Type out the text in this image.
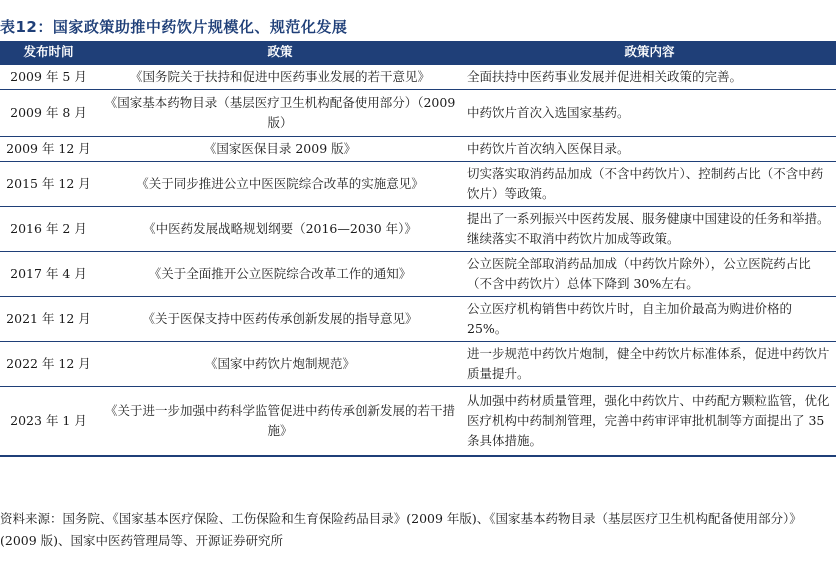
表12：国家政策助推中药饮片规模化、规范化发展
发布时间	政策	政策内容
2009 年 5 月	《国务院关于扶持和促进中医药事业发展的若干意见》	全面扶持中医药事业发展并促进相关政策的完善。
2009 年 8 月	《国家基本药物目录（基层医疗卫生机构配备使用部分）（2009 版）	中药饮片首次入选国家基药。
2009 年 12 月	《国家医保目录 2009 版》	中药饮片首次纳入医保目录。
2015 年 12 月	《关于同步推进公立中医医院综合改革的实施意见》	切实落实取消药品加成（不含中药饮片）、控制药占比（不含中药饮片）等政策。
2016 年 2 月	《中医药发展战略规划纲要（2016—2030 年）》	提出了一系列振兴中医药发展、服务健康中国建设的任务和举措。继续落实不取消中药饮片加成等政策。
2017 年 4 月	《关于全面推开公立医院综合改革工作的通知》	公立医院全部取消药品加成（中药饮片除外），公立医院药占比（不含中药饮片）总体下降到 30%左右。
2021 年 12 月	《关于医保支持中医药传承创新发展的指导意见》	公立医疗机构销售中药饮片时，自主加价最高为购进价格的 25%。
2022 年 12 月	《国家中药饮片炮制规范》	进一步规范中药饮片炮制，健全中药饮片标准体系，促进中药饮片质量提升。
2023 年 1 月	《关于进一步加强中药科学监管促进中药传承创新发展的若干措施》	从加强中药材质量管理，强化中药饮片、中药配方颗粒监管，优化医疗机构中药制剂管理，完善中药审评审批机制等方面提出了 35 条具体措施。
资料来源：国务院、《国家基本医疗保险、工伤保险和生育保险药品目录》(2009 年版)、《国家基本药物目录（基层医疗卫生机构配备使用部分）》(2009 版)、国家中医药管理局等、开源证券研究所
